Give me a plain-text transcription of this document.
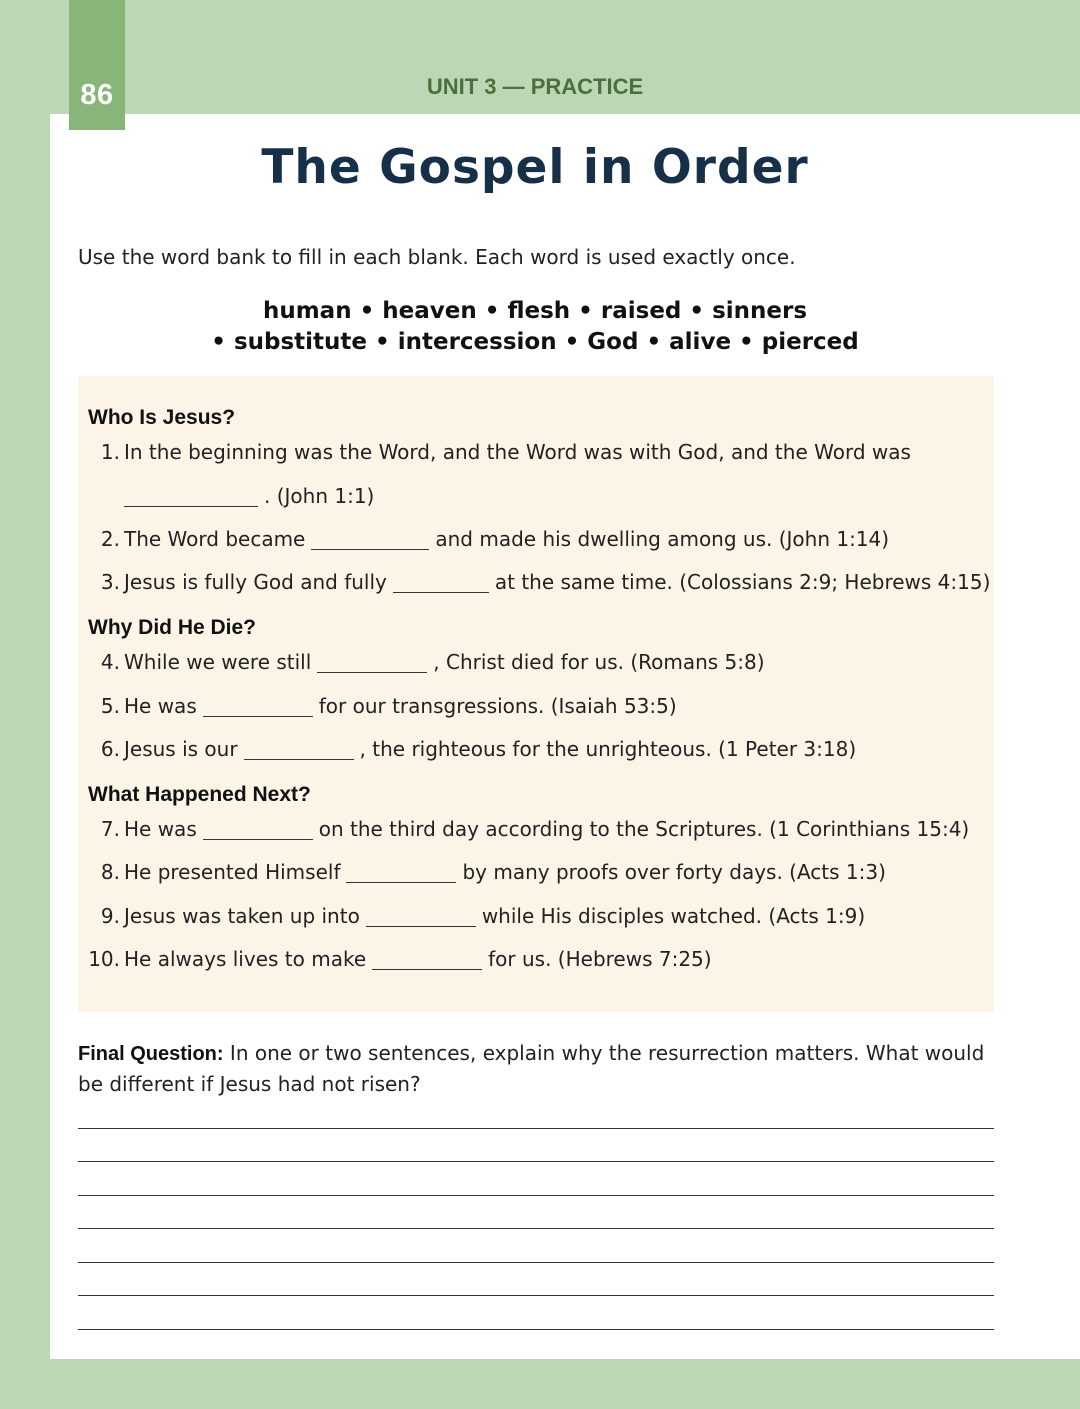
86	UNIT 3 — PRACTICE
The Gospel in Order
Use the word bank to fill in each blank. Each word is used exactly once.
human • heaven • flesh • raised • sinners
• substitute • intercession • God • alive • pierced
Who Is Jesus?
1. In the beginning was the Word, and the Word was with God, and the Word was
. (John 1:1)
2. The Word became	and made his dwelling among us. (John 1:14)
3. Jesus is fully God and fully	at the same time. (Colossians 2:9; Hebrews 4:15)
Why Did He Die?
4. While we were still	, Christ died for us. (Romans 5:8)
5. He was	for our transgressions. (Isaiah 53:5)
6. Jesus is our	, the righteous for the unrighteous. (1 Peter 3:18)
What Happened Next?
7. He was	on the third day according to the Scriptures. (1 Corinthians 15:4)
8. He presented Himself	by many proofs over forty days. (Acts 1:3)
9. Jesus was taken up into	while His disciples watched. (Acts 1:9)
10. He always lives to make	for us. (Hebrews 7:25)
Final Question: In one or two sentences, explain why the resurrection matters. What would be different if Jesus had not risen?
